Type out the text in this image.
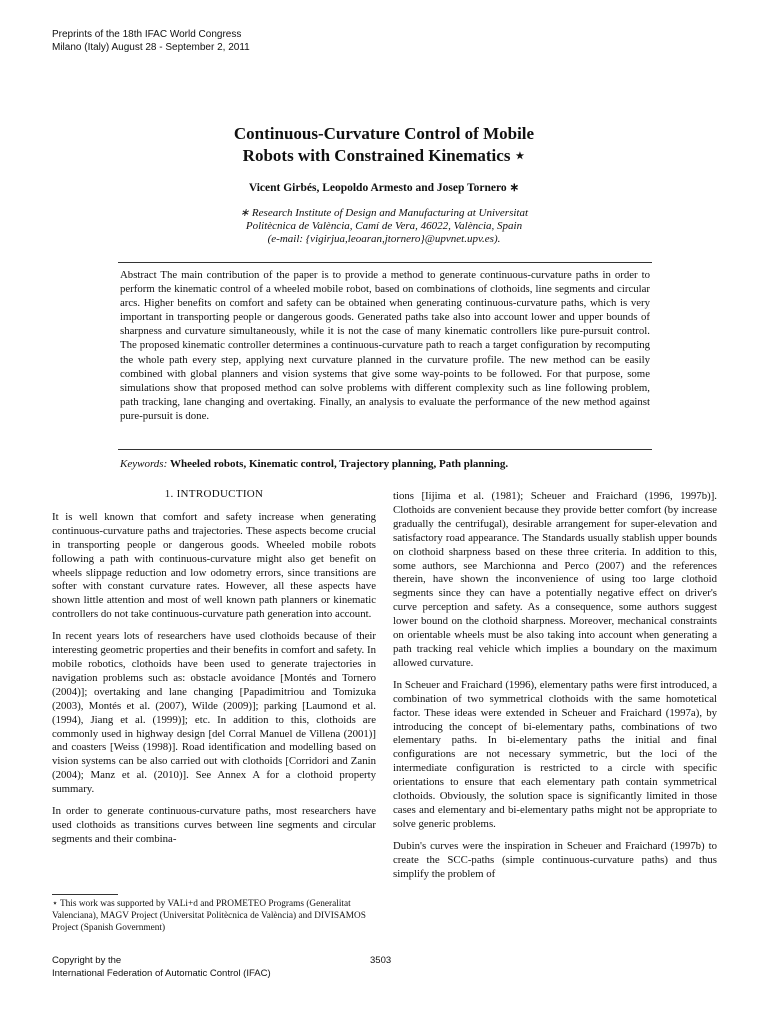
Preprints of the 18th IFAC World Congress
Milano (Italy) August 28 - September 2, 2011
Continuous-Curvature Control of Mobile
Robots with Constrained Kinematics ⋆
Vicent Girbés, Leopoldo Armesto and Josep Tornero ∗
∗ Research Institute of Design and Manufacturing at Universitat
Politècnica de València, Camí de Vera, 46022, València, Spain
(e-mail: {vigirjua,leoaran,jtornero}@upvnet.upv.es).
Abstract The main contribution of the paper is to provide a method to generate continuous-curvature paths in order to perform the kinematic control of a wheeled mobile robot, based on combinations of clothoids, line segments and circular arcs. Higher benefits on comfort and safety can be obtained when generating continuous-curvature paths, which is very important in transporting people or dangerous goods. Generated paths take also into account lower and upper bounds of sharpness and curvature simultaneously, while it is not the case of many kinematic controllers like pure-pursuit control. The proposed kinematic controller determines a continuous-curvature path to reach a target configuration by recomputing the whole path every step, applying next curvature planned in the curvature profile. The new method can be easily combined with global planners and vision systems that give some way-points to be followed. For that purpose, some simulations show that proposed method can solve problems with different complexity such as line following problem, path tracking, lane changing and overtaking. Finally, an analysis to evaluate the performance of the new method against pure-pursuit is done.
Keywords: Wheeled robots, Kinematic control, Trajectory planning, Path planning.
1. INTRODUCTION

It is well known that comfort and safety increase when generating continuous-curvature paths and trajectories. These aspects become crucial in transporting people or dangerous goods. Wheeled mobile robots following a path with continuous-curvature might also get benefit on wheels slippage reduction and low odometry errors, since transitions are softer with constant curvature rates. However, all these aspects have shown little attention and most of well known path planners or kinematic controllers do not take continuous-curvature path generation into account.

In recent years lots of researchers have used clothoids because of their interesting geometric properties and their benefits in comfort and safety. In mobile robotics, clothoids have been used to generate trajectories in navigation problems such as: obstacle avoidance [Montés and Tornero (2004)]; overtaking and lane changing [Papadimitriou and Tomizuka (2003), Montés et al. (2007), Wilde (2009)]; parking [Laumond et al. (1994), Jiang et al. (1999)]; etc. In addition to this, clothoids are commonly used in highway design [del Corral Manuel de Villena (2001)] and coasters [Weiss (1998)]. Road identification and modelling based on vision systems can be also carried out with clothoids [Corridori and Zanin (2004); Manz et al. (2010)]. See Annex A for a clothoid property summary.

In order to generate continuous-curvature paths, most researchers have used clothoids as transitions curves between line segments and circular segments and their combina-

tions [Iijima et al. (1981); Scheuer and Fraichard (1996, 1997b)]. Clothoids are convenient because they provide better comfort (by increase gradually the centrifugal), desirable arrangement for super-elevation and satisfactory road appearance. The Standards usually stablish upper bounds on clothoid sharpness based on these three criteria. In addition to this, some authors, see Marchionna and Perco (2007) and the references therein, have shown the inconvenience of using too large clothoid segments since they can have a potentially negative effect on driver's curve perception and safety. As a consequence, some authors suggest lower bound on the clothoid sharpness. Moreover, mechanical constraints on orientable wheels must be also taking into account when generating a path tracking real vehicle which implies a boundary on the maximum allowed curvature.

In Scheuer and Fraichard (1996), elementary paths were first introduced, a combination of two symmetrical clothoids with the same homotetical factor. These ideas were extended in Scheuer and Fraichard (1997a), by introducing the concept of bi-elementary paths, combinations of two elementary paths. In bi-elementary paths the initial and final configurations are not necessary symmetric, but the loci of the intermediate configuration is restricted to a circle with specific orientations to ensure that each elementary path contain symmetrical clothoids. Obviously, the solution space is significantly limited in those cases and elementary and bi-elementary paths might not be appropriate to solve generic problems.

Dubin's curves were the inspiration in Scheuer and Fraichard (1997b) to create the SCC-paths (simple continuous-curvature paths) and thus simplify the problem of

⋆ This work was supported by VALi+d and PROMETEO Programs (Generalitat Valenciana), MAGV Project (Universitat Politècnica de València) and DIVISAMOS Project (Spanish Government)
Copyright by the
International Federation of Automatic Control (IFAC)
3503
